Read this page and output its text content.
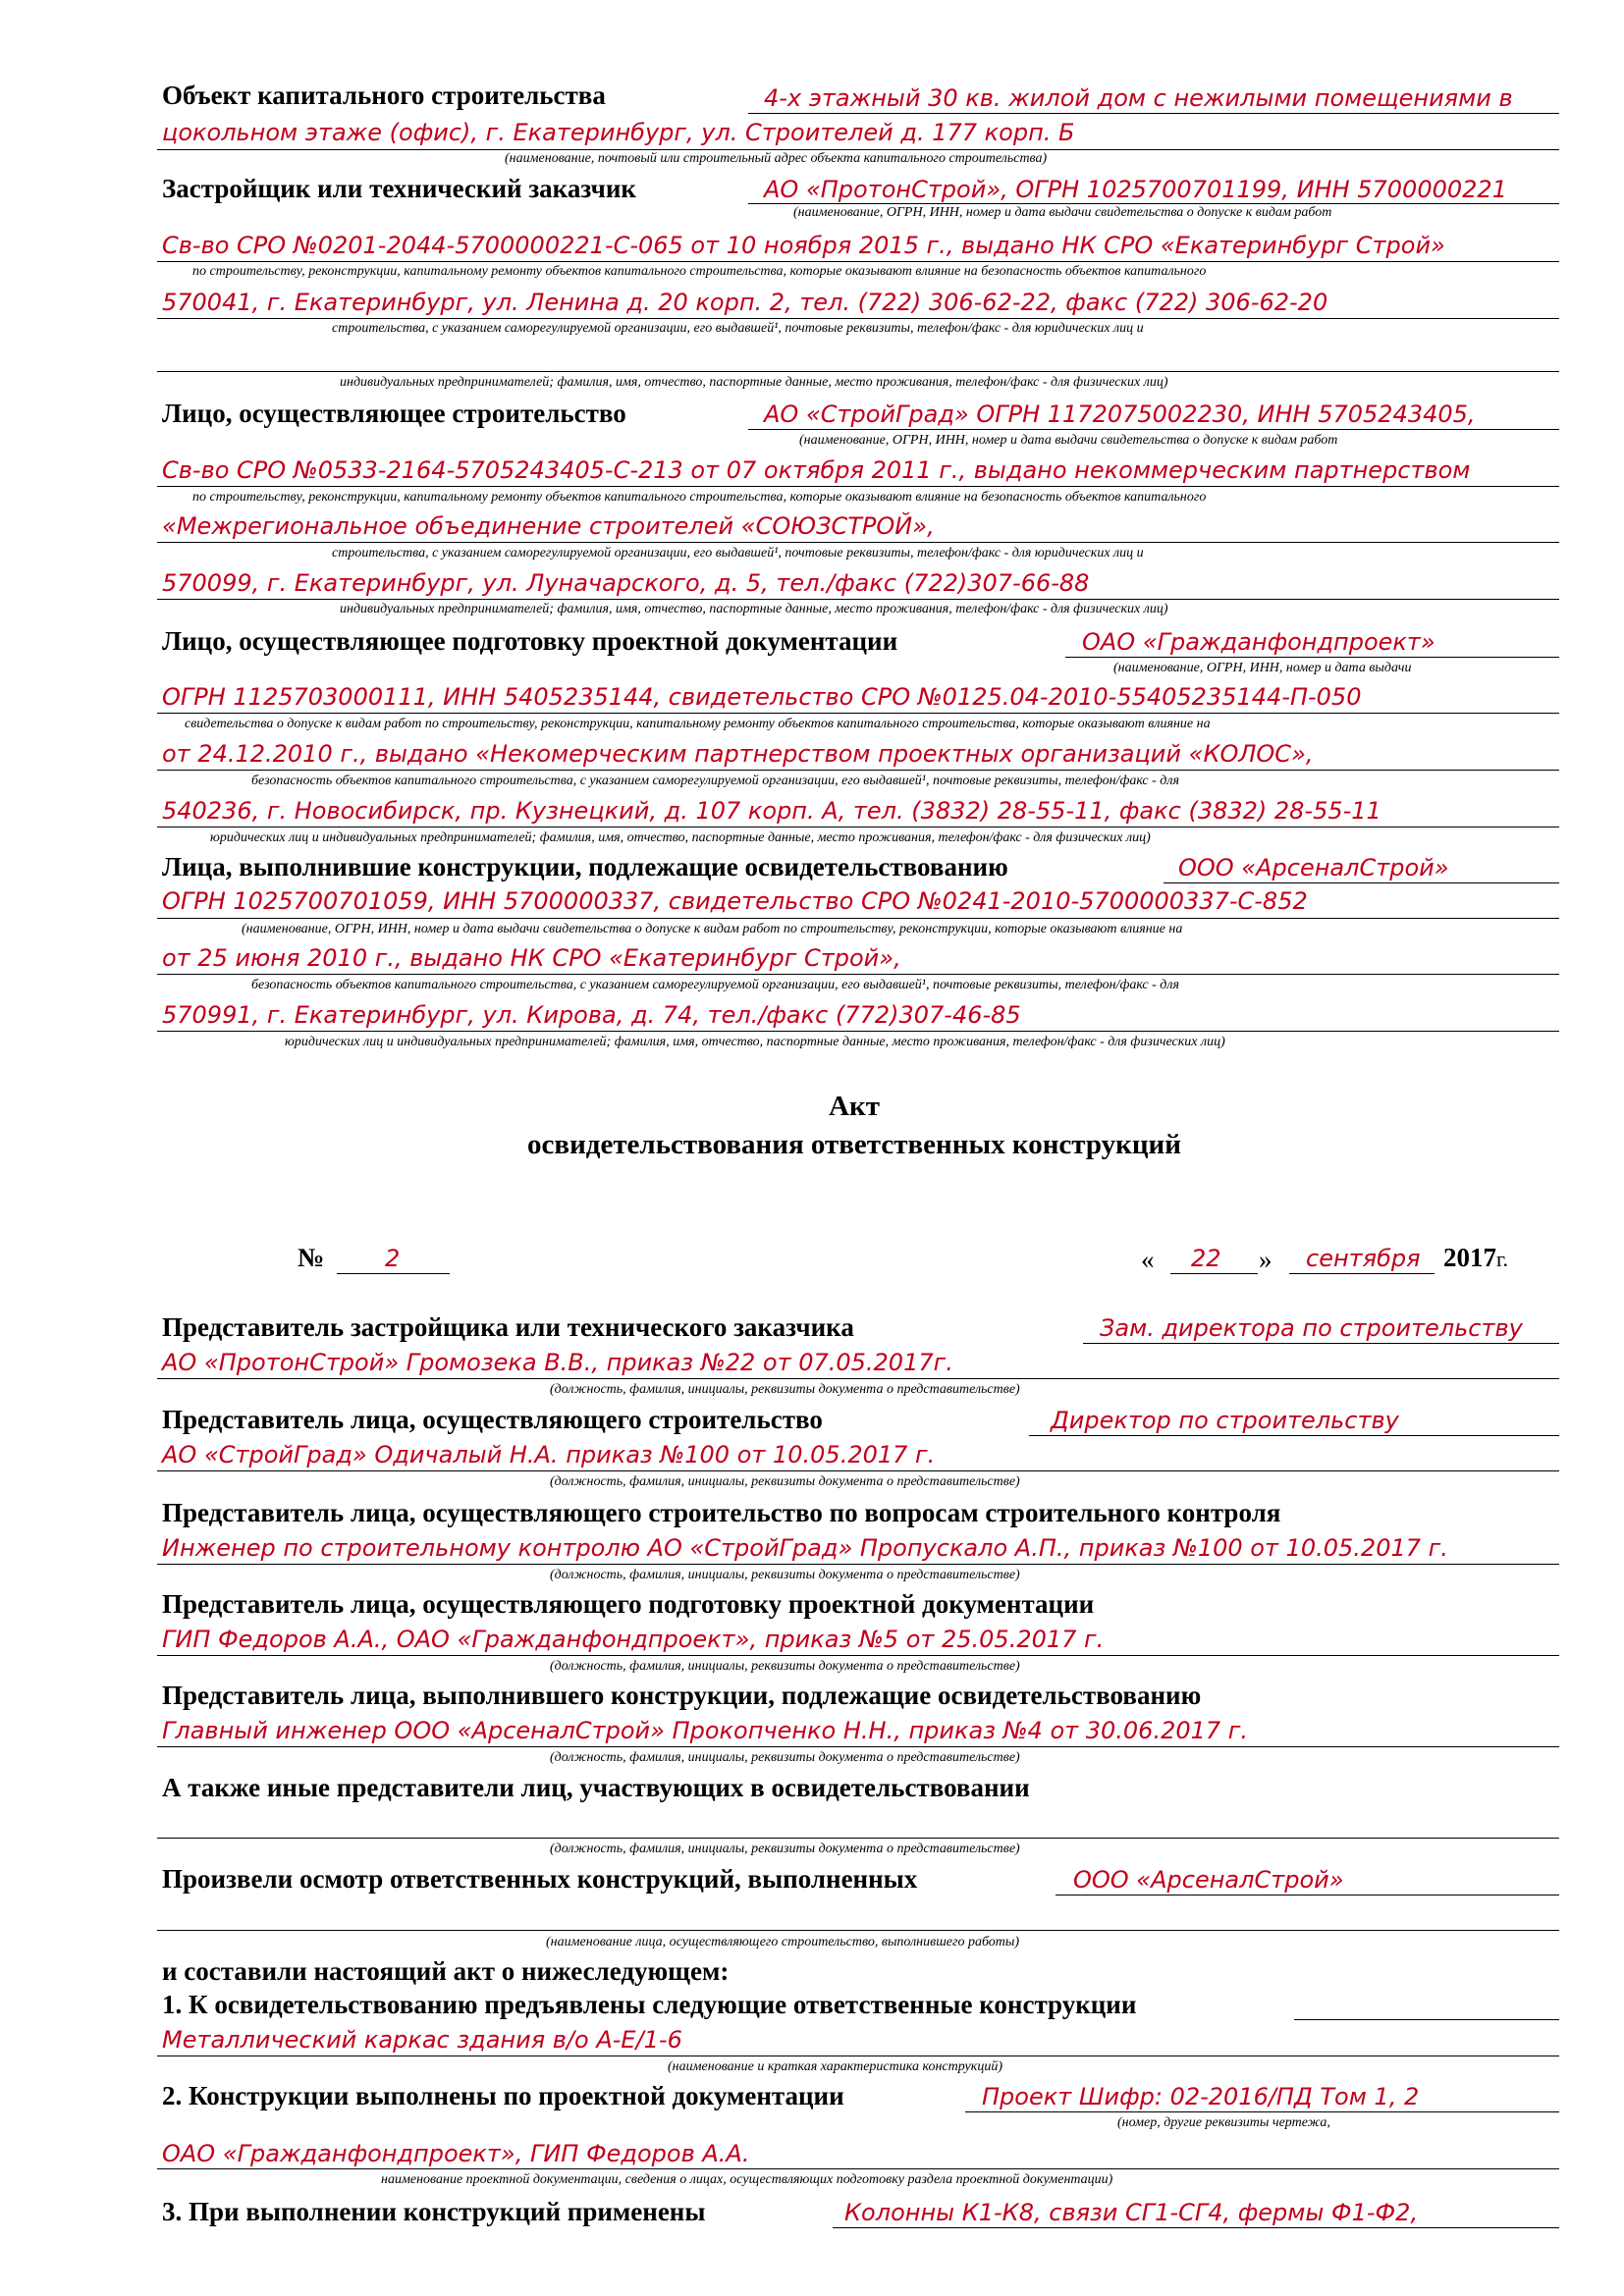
Объект капитального строительства	4-х этажный 30 кв. жилой дом с нежилыми помещениями в
цокольном этаже (офис), г. Екатеринбург, ул. Строителей д. 177 корп. Б
(наименование, почтовый или строительный адрес объекта капитального строительства)
Застройщик или технический заказчик	АО «ПротонСтрой», ОГРН 1025700701199, ИНН 5700000221
(наименование, ОГРН, ИНН, номер и дата выдачи свидетельства о допуске к видам работ
Св-во СРО №0201-2044-5700000221-С-065 от 10 ноября 2015 г., выдано НК СРО «Екатеринбург Строй»
по строительству, реконструкции, капитальному ремонту объектов капитального строительства, которые оказывают влияние на безопасность объектов капитального
570041, г. Екатеринбург, ул. Ленина д. 20 корп. 2, тел. (722) 306-62-22, факс (722) 306-62-20
строительства, с указанием саморегулируемой организации, его выдавшей¹, почтовые реквизиты, телефон/факс - для юридических лиц и
индивидуальных предпринимателей; фамилия, имя, отчество, паспортные данные, место проживания, телефон/факс - для физических лиц)
Лицо, осуществляющее строительство	АО «СтройГрад» ОГРН 1172075002230, ИНН 5705243405,
(наименование, ОГРН, ИНН, номер и дата выдачи свидетельства о допуске к видам работ
Св-во СРО №0533-2164-5705243405-С-213 от 07 октября 2011 г., выдано некоммерческим партнерством
по строительству, реконструкции, капитальному ремонту объектов капитального строительства, которые оказывают влияние на безопасность объектов капитального
«Межрегиональное объединение строителей «СОЮЗСТРОЙ»,
строительства, с указанием саморегулируемой организации, его выдавшей¹, почтовые реквизиты, телефон/факс - для юридических лиц и
570099, г. Екатеринбург, ул. Луначарского, д. 5, тел./факс (722)307-66-88
индивидуальных предпринимателей; фамилия, имя, отчество, паспортные данные, место проживания, телефон/факс - для физических лиц)
Лицо, осуществляющее подготовку проектной документации	ОАО «Гражданфондпроект»
(наименование, ОГРН, ИНН, номер и дата выдачи
ОГРН 1125703000111, ИНН 5405235144, свидетельство СРО №0125.04-2010-55405235144-П-050
свидетельства о допуске к видам работ по строительству, реконструкции, капитальному ремонту объектов капитального строительства, которые оказывают влияние на
от 24.12.2010 г., выдано «Некомерческим партнерством проектных организаций «КОЛОС»,
безопасность объектов капитального строительства, с указанием саморегулируемой организации, его выдавшей¹, почтовые реквизиты, телефон/факс - для
540236, г. Новосибирск, пр. Кузнецкий, д. 107 корп. А, тел. (3832) 28-55-11, факс (3832) 28-55-11
юридических лиц и индивидуальных предпринимателей; фамилия, имя, отчество, паспортные данные, место проживания, телефон/факс - для физических лиц)
Лица, выполнившие конструкции, подлежащие освидетельствованию	ООО «АрсеналСтрой»
ОГРН 1025700701059, ИНН 5700000337, свидетельство СРО №0241-2010-5700000337-С-852
(наименование, ОГРН, ИНН, номер и дата выдачи свидетельства о допуске к видам работ по строительству, реконструкции, которые оказывают влияние на
от 25 июня 2010 г., выдано НК СРО «Екатеринбург Строй»,
безопасность объектов капитального строительства, с указанием саморегулируемой организации, его выдавшей¹, почтовые реквизиты, телефон/факс - для
570991, г. Екатеринбург, ул. Кирова, д. 74, тел./факс (772)307-46-85
юридических лиц и индивидуальных предпринимателей; фамилия, имя, отчество, паспортные данные, место проживания, телефон/факс - для физических лиц)
Акт
освидетельствования ответственных конструкций
№	2	« 22 » сентября 2017г.
Представитель застройщика или технического заказчика	Зам. директора по строительству
АО «ПротонСтрой» Громозека В.В., приказ №22 от 07.05.2017г.
(должность, фамилия, инициалы, реквизиты документа о представительстве)
Представитель лица, осуществляющего строительство	Директор по строительству
АО «СтройГрад» Одичалый Н.А. приказ №100 от 10.05.2017 г.
(должность, фамилия, инициалы, реквизиты документа о представительстве)
Представитель лица, осуществляющего строительство по вопросам строительного контроля
Инженер по строительному контролю АО «СтройГрад» Пропускало А.П., приказ №100 от 10.05.2017 г.
(должность, фамилия, инициалы, реквизиты документа о представительстве)
Представитель лица, осуществляющего подготовку проектной документации
ГИП Федоров А.А., ОАО «Гражданфондпроект», приказ №5 от 25.05.2017 г.
(должность, фамилия, инициалы, реквизиты документа о представительстве)
Представитель лица, выполнившего конструкции, подлежащие освидетельствованию
Главный инженер ООО «АрсеналСтрой» Прокопченко Н.Н., приказ №4 от 30.06.2017 г.
(должность, фамилия, инициалы, реквизиты документа о представительстве)
А также иные представители лиц, участвующих в освидетельствовании
(должность, фамилия, инициалы, реквизиты документа о представительстве)
Произвели осмотр ответственных конструкций, выполненных	ООО «АрсеналСтрой»
(наименование лица, осуществляющего строительство, выполнившего работы)
и составили настоящий акт о нижеследующем:
1. К освидетельствованию предъявлены следующие ответственные конструкции
Металлический каркас здания в/о А-Е/1-6
(наименование и краткая характеристика конструкций)
2. Конструкции выполнены по проектной документации	Проект Шифр: 02-2016/ПД Том 1, 2
(номер, другие реквизиты чертежа,
ОАО «Гражданфондпроект», ГИП Федоров А.А.
наименование проектной документации, сведения о лицах, осуществляющих подготовку раздела проектной документации)
3. При выполнении конструкций применены	Колонны К1-К8, связи СГ1-СГ4, фермы Ф1-Ф2,
